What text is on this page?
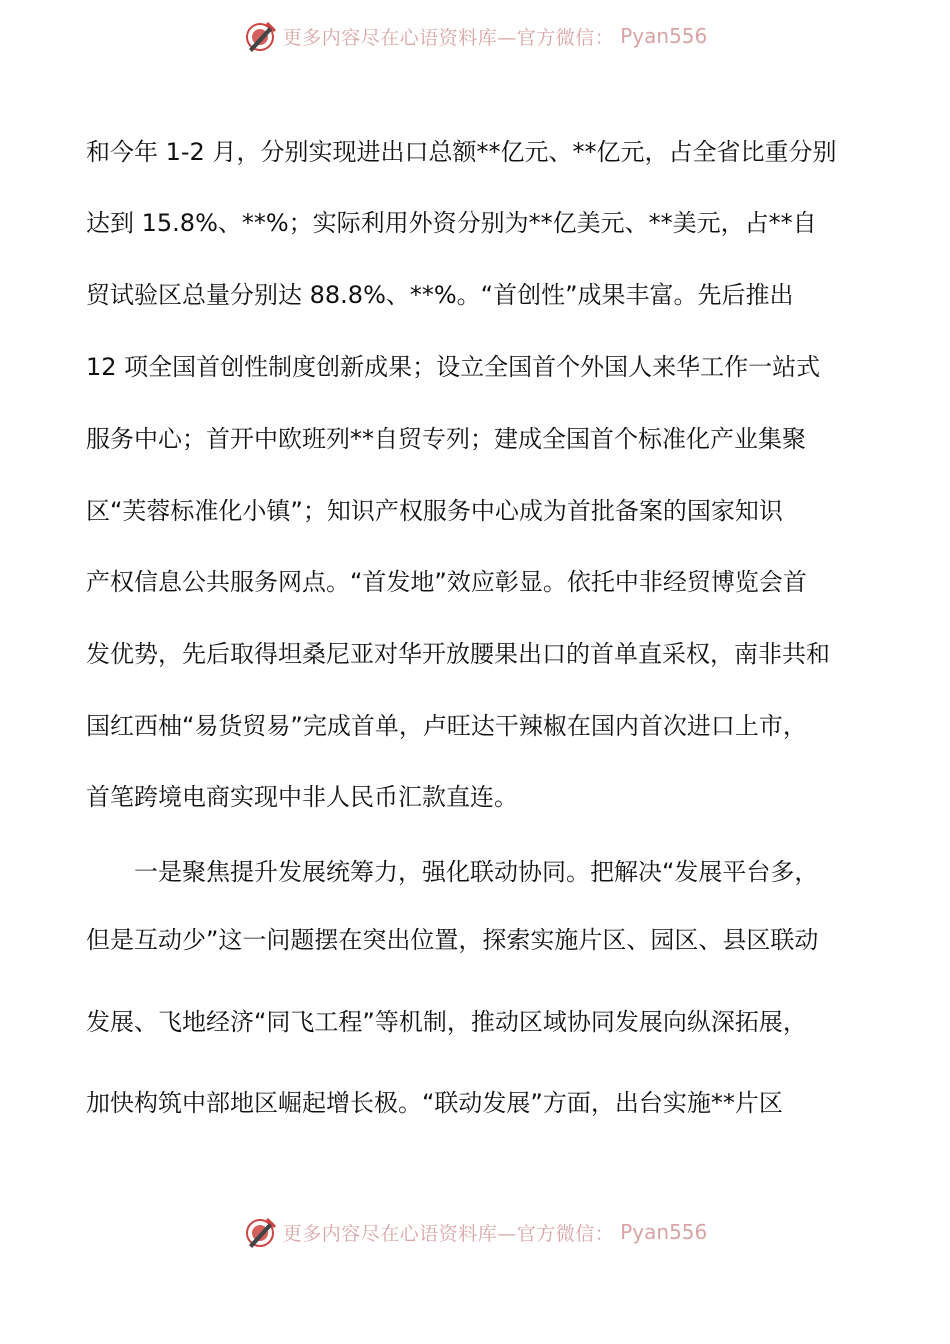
更多内容尽在心语资料库—官方微信： Pyan556
和今年 1-2 月，分别实现进出口总额**亿元、**亿元，占全省比重分别
达到 15.8%、**%；实际利用外资分别为**亿美元、**美元，占**自
贸试验区总量分别达 88.8%、**%。“首创性”成果丰富。先后推出
12 项全国首创性制度创新成果；设立全国首个外国人来华工作一站式
服务中心；首开中欧班列**自贸专列；建成全国首个标准化产业集聚
区“芙蓉标准化小镇”；知识产权服务中心成为首批备案的国家知识
产权信息公共服务网点。“首发地”效应彰显。依托中非经贸博览会首
发优势，先后取得坦桑尼亚对华开放腰果出口的首单直采权，南非共和
国红西柚“易货贸易”完成首单，卢旺达干辣椒在国内首次进口上市，
首笔跨境电商实现中非人民币汇款直连。
一是聚焦提升发展统筹力，强化联动协同。把解决“发展平台多，
但是互动少”这一问题摆在突出位置，探索实施片区、园区、县区联动
发展、飞地经济“同飞工程”等机制，推动区域协同发展向纵深拓展，
加快构筑中部地区崛起增长极。“联动发展”方面，出台实施**片区
更多内容尽在心语资料库—官方微信： Pyan556
